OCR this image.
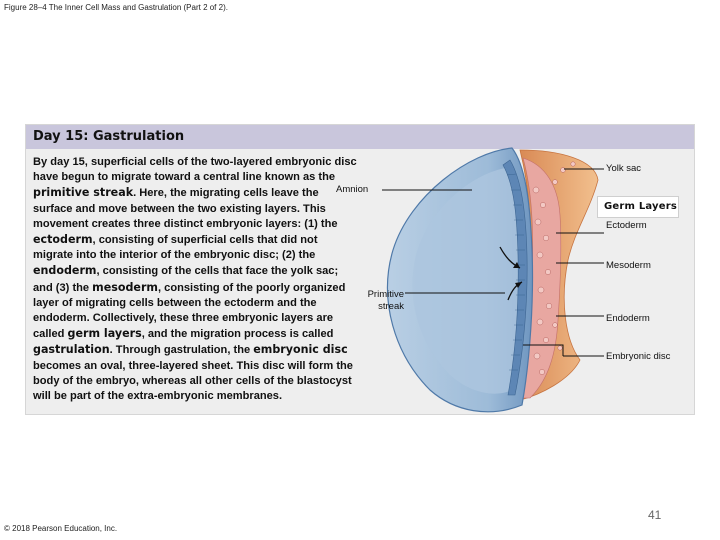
Figure 28–4 The Inner Cell Mass and Gastrulation (Part 2 of 2).
Day 15: Gastrulation
By day 15, superficial cells of the two-layered embryonic disc have begun to migrate toward a central line known as the primitive streak. Here, the migrating cells leave the surface and move between the two existing layers. This movement creates three distinct embryonic layers: (1) the ectoderm, consisting of superficial cells that did not migrate into the interior of the embryonic disc; (2) the endoderm, consisting of the cells that face the yolk sac; and (3) the mesoderm, consisting of the poorly organized layer of migrating cells between the ectoderm and the endoderm. Collectively, these three embryonic layers are called germ layers, and the migration process is called gastrulation. Through gastrulation, the embryonic disc becomes an oval, three-layered sheet. This disc will form the body of the embryo, whereas all other cells of the blastocyst will be part of the extra-embryonic membranes.
Amnion
Primitive
streak
Yolk sac
Germ Layers
Ectoderm
Mesoderm
Endoderm
Embryonic disc
41
© 2018 Pearson Education, Inc.
